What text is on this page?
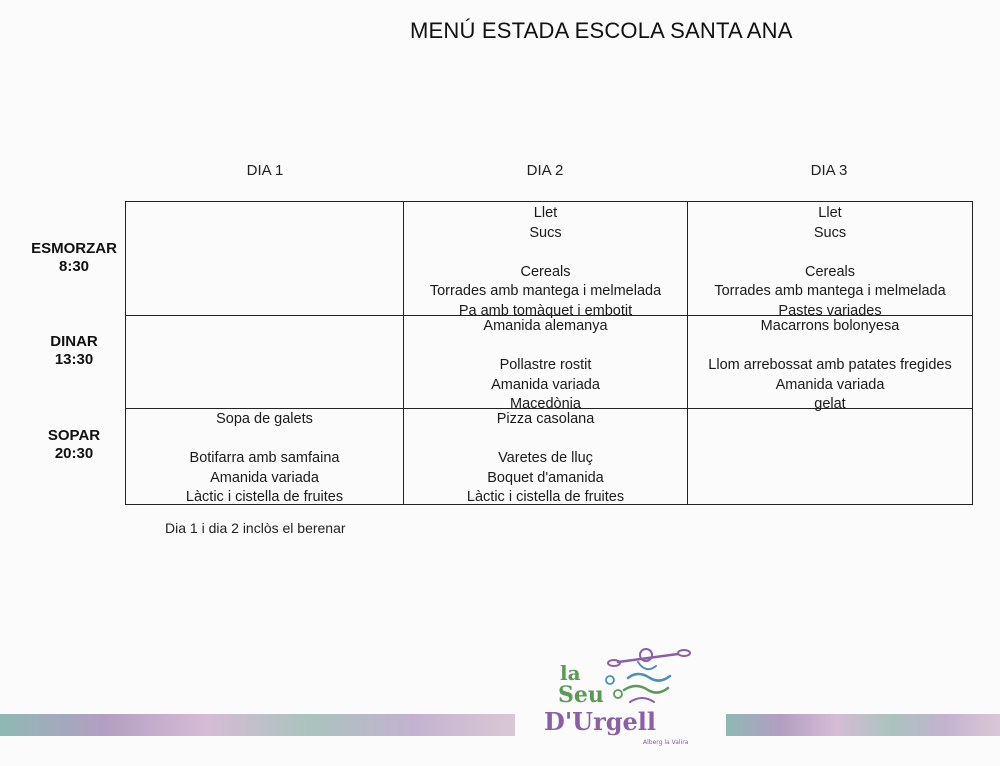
MENÚ ESTADA ESCOLA SANTA ANA
DIA 1	DIA 2	DIA 3
ESMORZAR
8:30
DINAR
13:30
SOPAR
20:30
Llet
Sucs

Cereals
Torrades amb mantega i melmelada
Pa amb tomàquet i embotit
Llet
Sucs

Cereals
Torrades amb mantega i melmelada
Pastes variades
Amanida alemanya

Pollastre rostit
Amanida variada
Macedònia
Macarrons bolonyesa

Llom arrebossat amb patates fregides
Amanida variada
gelat
Sopa de galets

Botifarra amb samfaina
Amanida variada
Làctic i cistella de fruites
Pizza casolana

Varetes de lluç
Boquet d'amanida
Làctic i cistella de fruites
Dia 1 i dia 2 inclòs el berenar
la
Seu
D'Urgell
Alberg la Valira
